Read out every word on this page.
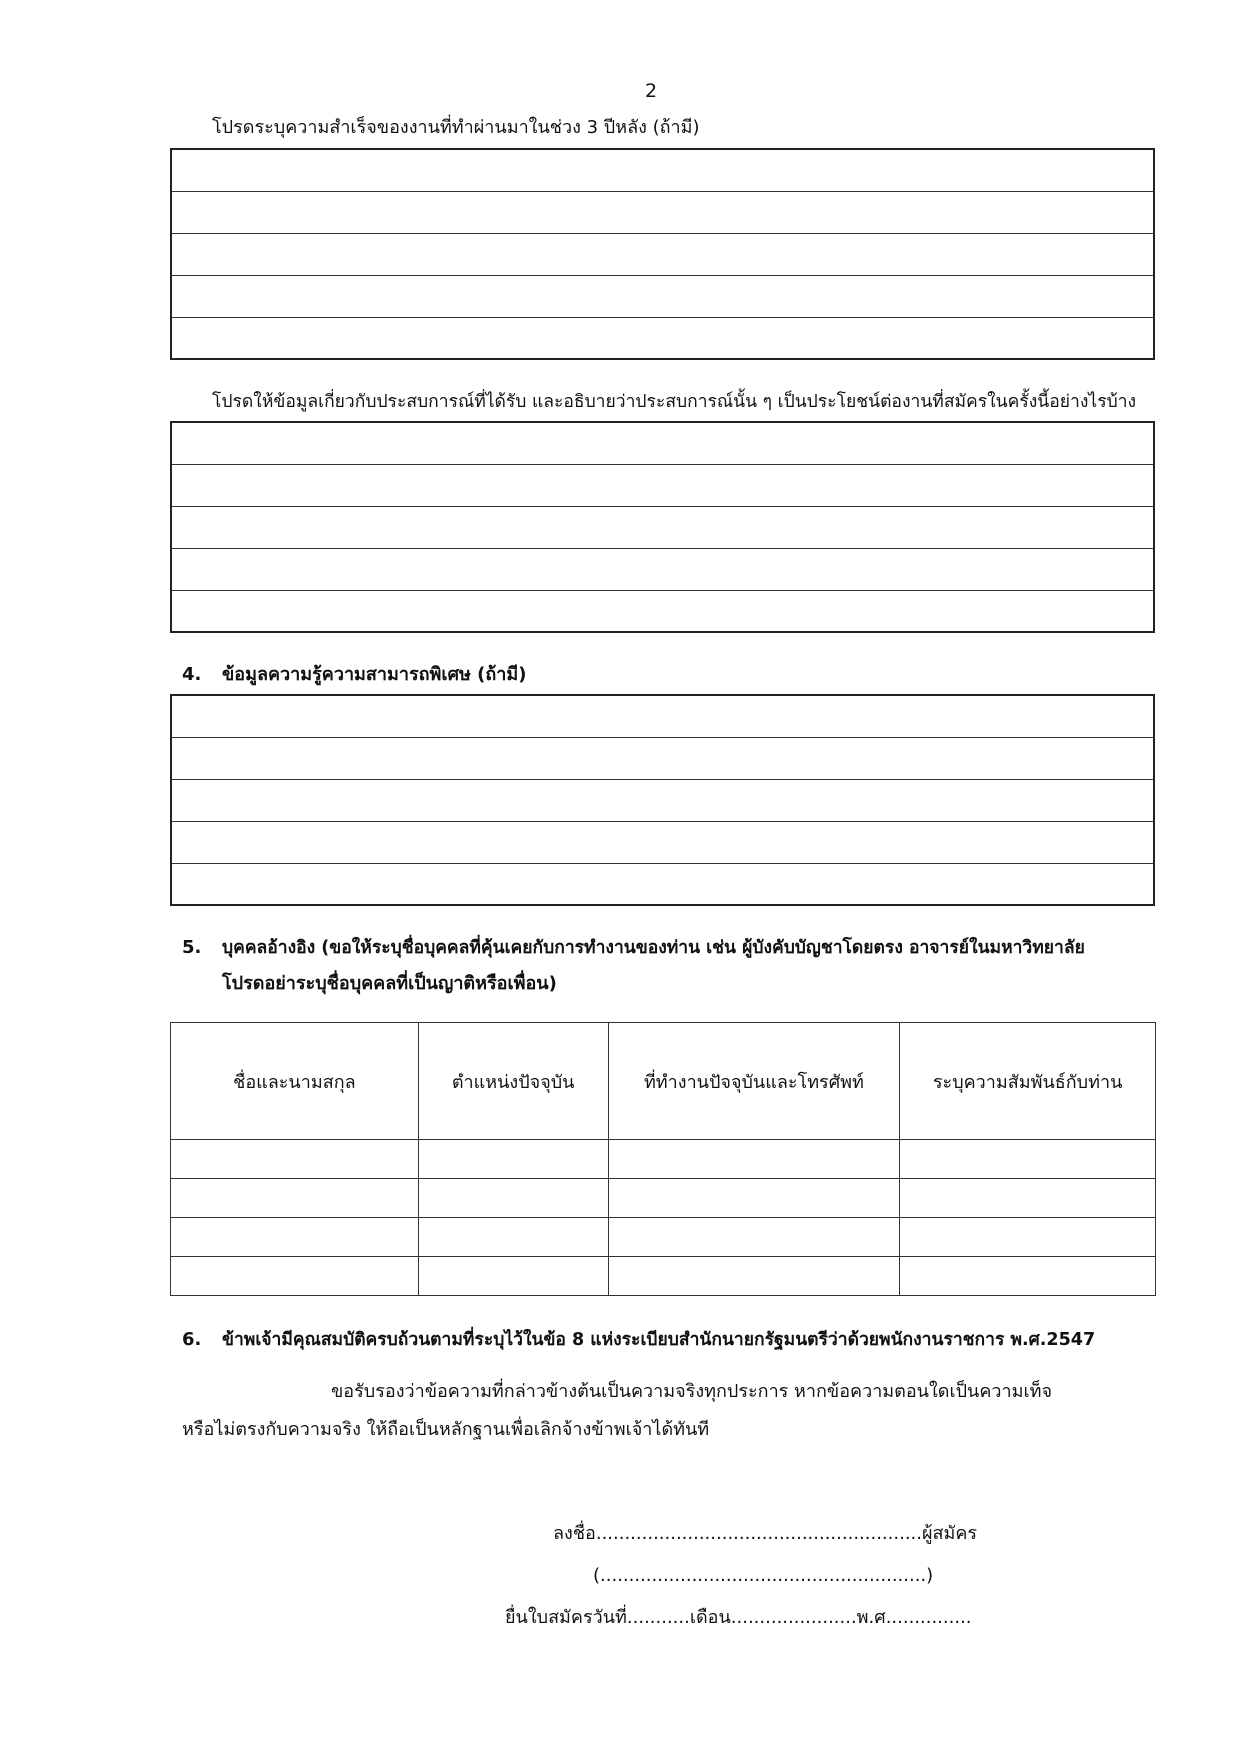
2
โปรดระบุความสำเร็จของงานที่ทำผ่านมาในช่วง 3 ปีหลัง (ถ้ามี)
โปรดให้ข้อมูลเกี่ยวกับประสบการณ์ที่ได้รับ และอธิบายว่าประสบการณ์นั้น ๆ เป็นประโยชน์ต่องานที่สมัครในครั้งนี้อย่างไรบ้าง
4. ข้อมูลความรู้ความสามารถพิเศษ (ถ้ามี)
5. บุคคลอ้างอิง (ขอให้ระบุชื่อบุคคลที่คุ้นเคยกับการทำงานของท่าน เช่น ผู้บังคับบัญชาโดยตรง อาจารย์ในมหาวิทยาลัย
โปรดอย่าระบุชื่อบุคคลที่เป็นญาติหรือเพื่อน)
ชื่อและนามสกุล	ตำแหน่งปัจจุบัน	ที่ทำงานปัจจุบันและโทรศัพท์	ระบุความสัมพันธ์กับท่าน

6. ข้าพเจ้ามีคุณสมบัติครบถ้วนตามที่ระบุไว้ในข้อ 8 แห่งระเบียบสำนักนายกรัฐมนตรีว่าด้วยพนักงานราชการ พ.ศ.2547
ขอรับรองว่าข้อความที่กล่าวข้างต้นเป็นความจริงทุกประการ หากข้อความตอนใดเป็นความเท็จ
หรือไม่ตรงกับความจริง ให้ถือเป็นหลักฐานเพื่อเลิกจ้างข้าพเจ้าได้ทันที
ลงชื่อ.........................................................ผู้สมัคร
(.........................................................)
ยื่นใบสมัครวันที่...........เดือน......................พ.ศ...............
